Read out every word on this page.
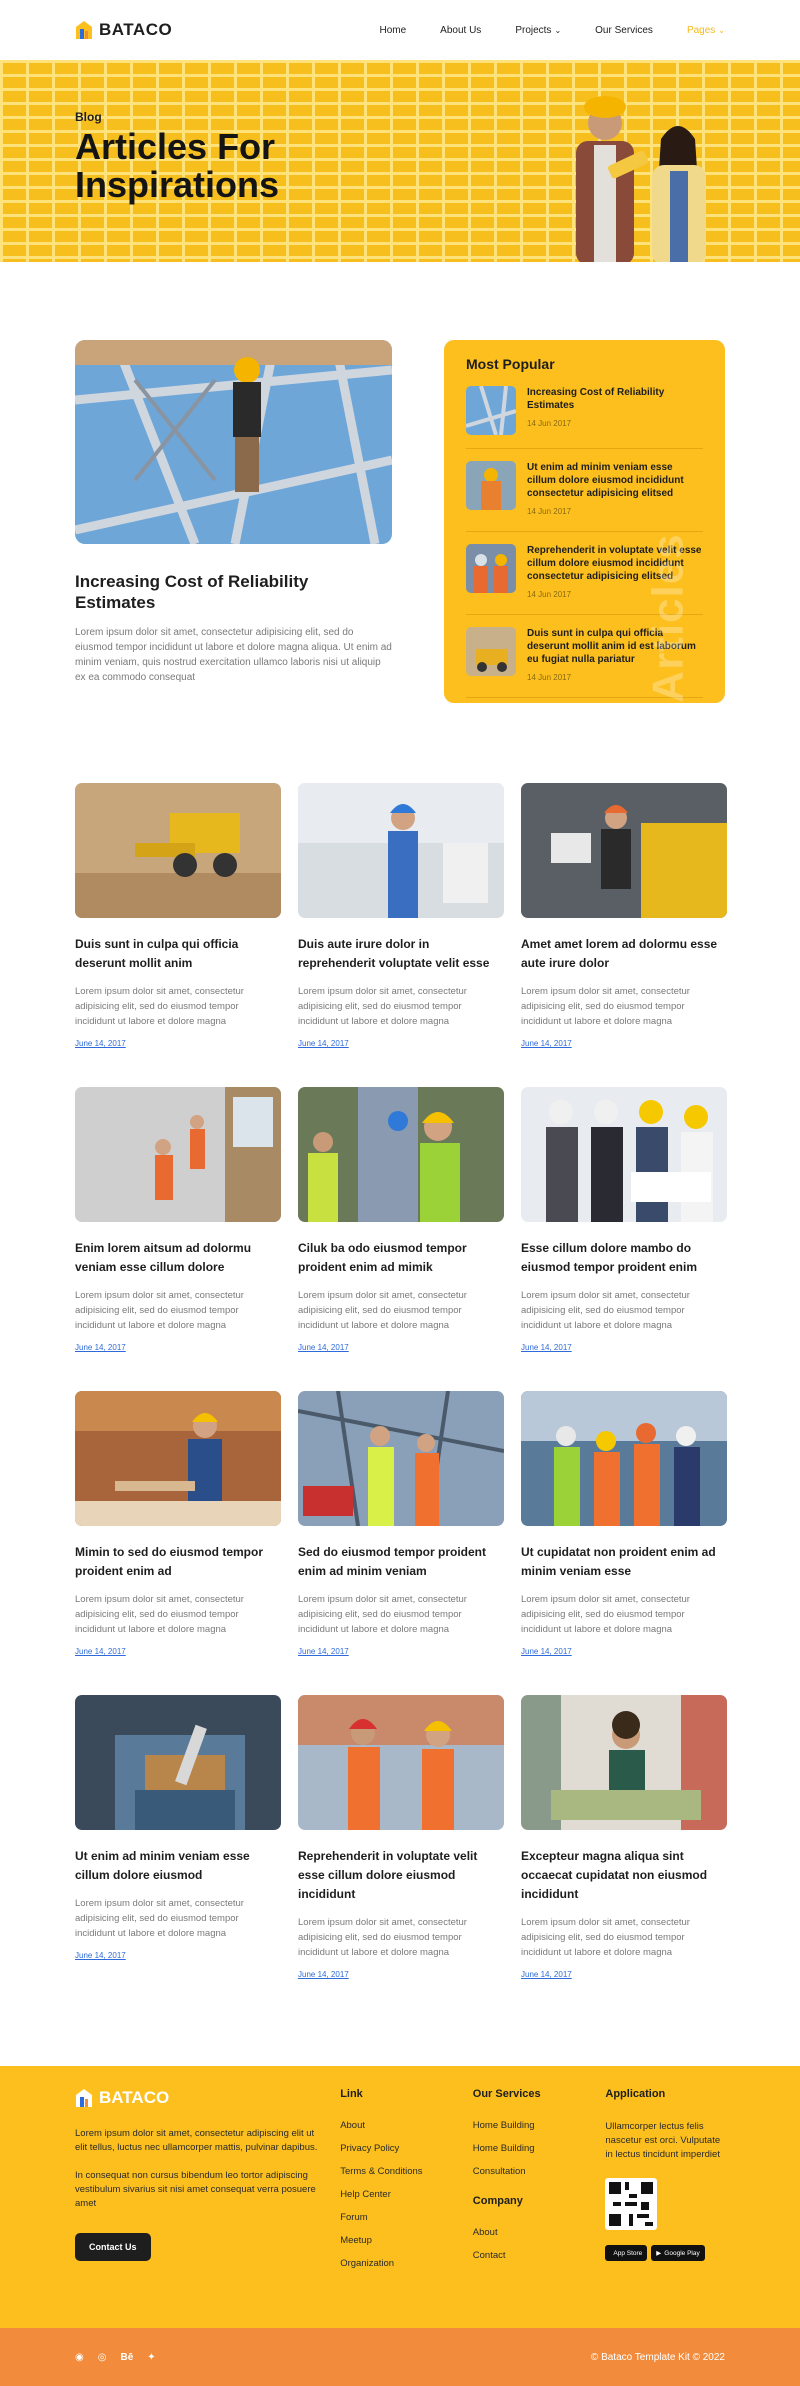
BATACO	Home	About Us	Projects ⌄	Our Services	Pages ⌄
Blog
Articles For Inspirations
Increasing Cost of Reliability Estimates

Lorem ipsum dolor sit amet, consectetur adipisicing elit, sed do eiusmod tempor incididunt ut labore et dolore magna aliqua. Ut enim ad minim veniam, quis nostrud exercitation ullamco laboris nisi ut aliquip ex ea commodo consequat

Most Popular
Increasing Cost of Reliability Estimates
14 Jun 2017
Ut enim ad minim veniam esse cillum dolore eiusmod incididunt consectetur adipisicing elitsed
14 Jun 2017
Reprehenderit in voluptate velit esse cillum dolore eiusmod incididunt consectetur adipisicing elitsed
14 Jun 2017
Duis sunt in culpa qui officia deserunt mollit anim id est laborum eu fugiat nulla pariatur
14 Jun 2017	Articles
Duis sunt in culpa qui officia deserunt mollit anim

Lorem ipsum dolor sit amet, consectetur adipisicing elit, sed do eiusmod tempor incididunt ut labore et dolore magna

June 14, 2017
Duis aute irure dolor in reprehenderit voluptate velit esse

Lorem ipsum dolor sit amet, consectetur adipisicing elit, sed do eiusmod tempor incididunt ut labore et dolore magna

June 14, 2017
Amet amet lorem ad dolormu esse aute irure dolor

Lorem ipsum dolor sit amet, consectetur adipisicing elit, sed do eiusmod tempor incididunt ut labore et dolore magna

June 14, 2017
Enim lorem aitsum ad dolormu veniam esse cillum dolore

Lorem ipsum dolor sit amet, consectetur adipisicing elit, sed do eiusmod tempor incididunt ut labore et dolore magna

June 14, 2017
Ciluk ba odo eiusmod tempor proident enim ad mimik

Lorem ipsum dolor sit amet, consectetur adipisicing elit, sed do eiusmod tempor incididunt ut labore et dolore magna

June 14, 2017
Esse cillum dolore mambo do eiusmod tempor proident enim

Lorem ipsum dolor sit amet, consectetur adipisicing elit, sed do eiusmod tempor incididunt ut labore et dolore magna

June 14, 2017
Mimin to sed do eiusmod tempor proident enim ad

Lorem ipsum dolor sit amet, consectetur adipisicing elit, sed do eiusmod tempor incididunt ut labore et dolore magna

June 14, 2017
Sed do eiusmod tempor proident enim ad minim veniam

Lorem ipsum dolor sit amet, consectetur adipisicing elit, sed do eiusmod tempor incididunt ut labore et dolore magna

June 14, 2017
Ut cupidatat non proident enim ad minim veniam esse

Lorem ipsum dolor sit amet, consectetur adipisicing elit, sed do eiusmod tempor incididunt ut labore et dolore magna

June 14, 2017
Ut enim ad minim veniam esse cillum dolore eiusmod

Lorem ipsum dolor sit amet, consectetur adipisicing elit, sed do eiusmod tempor incididunt ut labore et dolore magna

June 14, 2017
Reprehenderit in voluptate velit esse cillum dolore eiusmod incididunt

Lorem ipsum dolor sit amet, consectetur adipisicing elit, sed do eiusmod tempor incididunt ut labore et dolore magna

June 14, 2017
Excepteur magna aliqua sint occaecat cupidatat non eiusmod incididunt

Lorem ipsum dolor sit amet, consectetur adipisicing elit, sed do eiusmod tempor incididunt ut labore et dolore magna

June 14, 2017
BATACO

Lorem ipsum dolor sit amet, consectetur adipiscing elit ut elit tellus, luctus nec ullamcorper mattis, pulvinar dapibus.

In consequat non cursus bibendum leo tortor adipiscing vestibulum sivarius sit nisi amet consequat verra posuere amet

Contact Us
Link
About
Privacy Policy
Terms & Conditions
Help Center
Forum
Meetup
Organization
Our Services
Home Building
Home Building
Consultation
Company
About
Contact
Application

Ullamcorper lectus felis nascetur est orci. Vulputate in lectus tincidunt imperdiet

App Store ▶ Google Play
◉ ◎ Bē ✦	© Bataco Template Kit © 2022
